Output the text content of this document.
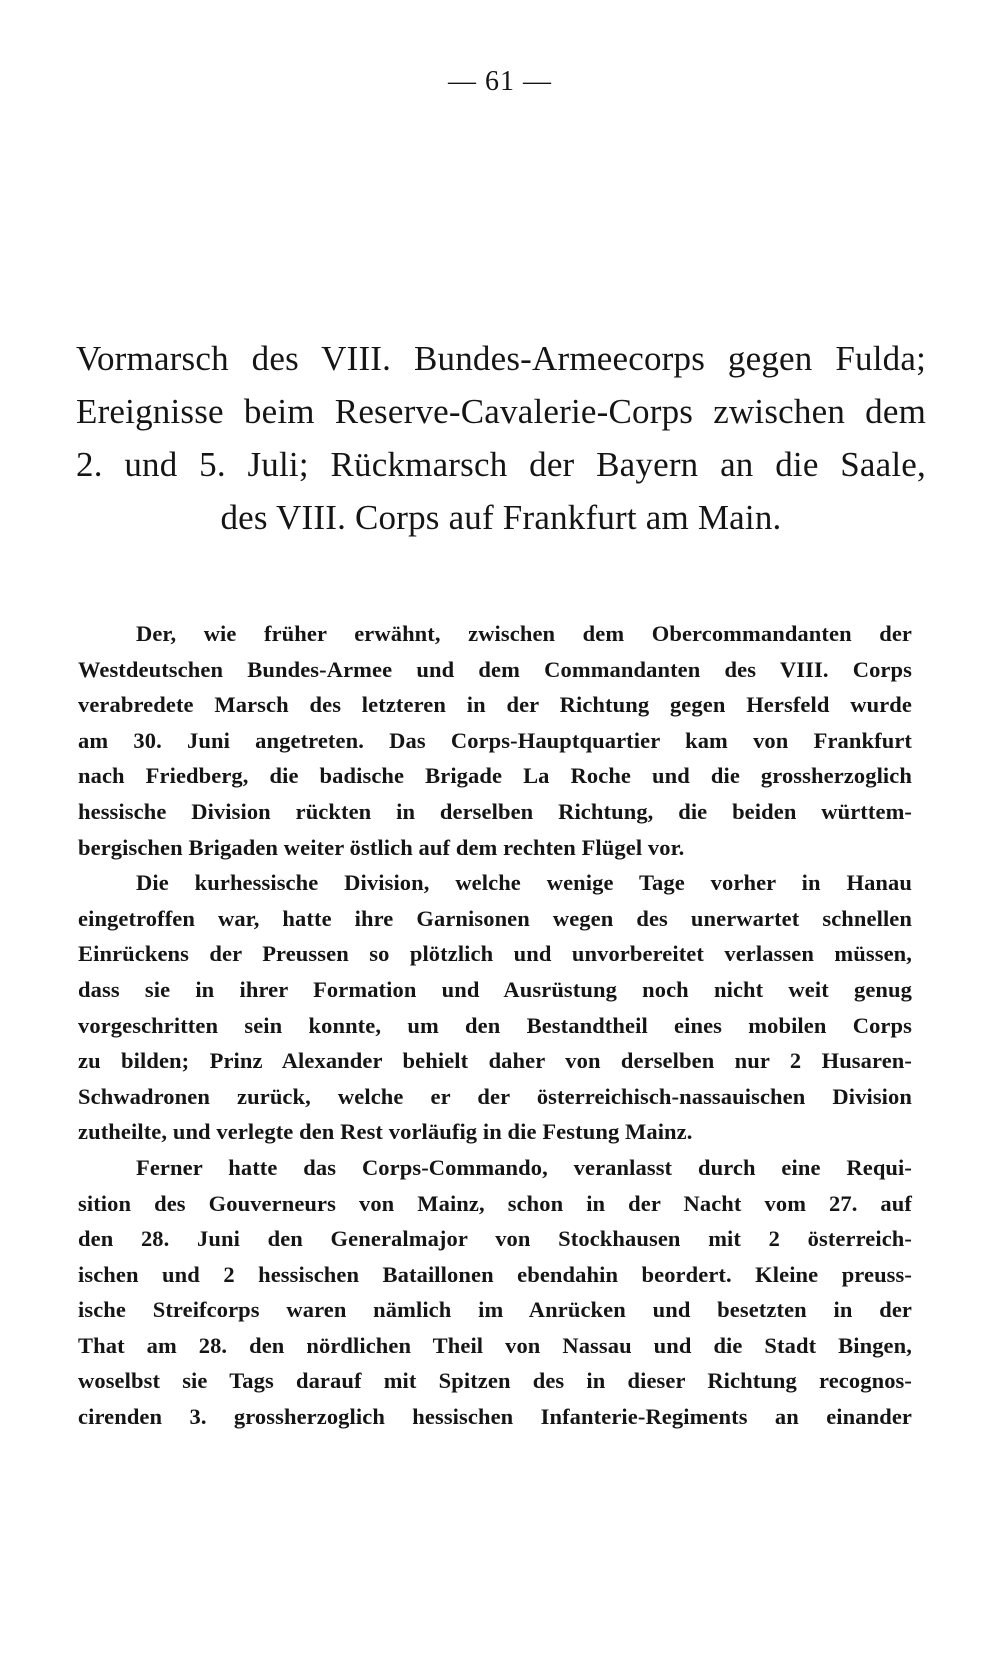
— 61 —
Vormarsch des VIII. Bundes-Armeecorps gegen Fulda;
Ereignisse beim Reserve-Cavalerie-Corps zwischen dem
2. und 5. Juli; Rückmarsch der Bayern an die Saale,
des VIII. Corps auf Frankfurt am Main.
Der, wie früher erwähnt, zwischen dem Obercommandanten der
Westdeutschen Bundes-Armee und dem Commandanten des VIII. Corps
verabredete Marsch des letzteren in der Richtung gegen Hersfeld wurde
am 30. Juni angetreten. Das Corps-Hauptquartier kam von Frankfurt
nach Friedberg, die badische Brigade La Roche und die grossherzoglich
hessische Division rückten in derselben Richtung, die beiden württem-
bergischen Brigaden weiter östlich auf dem rechten Flügel vor.
Die kurhessische Division, welche wenige Tage vorher in Hanau
eingetroffen war, hatte ihre Garnisonen wegen des unerwartet schnellen
Einrückens der Preussen so plötzlich und unvorbereitet verlassen müssen,
dass sie in ihrer Formation und Ausrüstung noch nicht weit genug
vorgeschritten sein konnte, um den Bestandtheil eines mobilen Corps
zu bilden; Prinz Alexander behielt daher von derselben nur 2 Husaren-
Schwadronen zurück, welche er der österreichisch-nassauischen Division
zutheilte, und verlegte den Rest vorläufig in die Festung Mainz.
Ferner hatte das Corps-Commando, veranlasst durch eine Requi-
sition des Gouverneurs von Mainz, schon in der Nacht vom 27. auf
den 28. Juni den Generalmajor von Stockhausen mit 2 österreich-
ischen und 2 hessischen Bataillonen ebendahin beordert. Kleine preuss-
ische Streifcorps waren nämlich im Anrücken und besetzten in der
That am 28. den nördlichen Theil von Nassau und die Stadt Bingen,
woselbst sie Tags darauf mit Spitzen des in dieser Richtung recognos-
cirenden 3. grossherzoglich hessischen Infanterie-Regiments an einander
